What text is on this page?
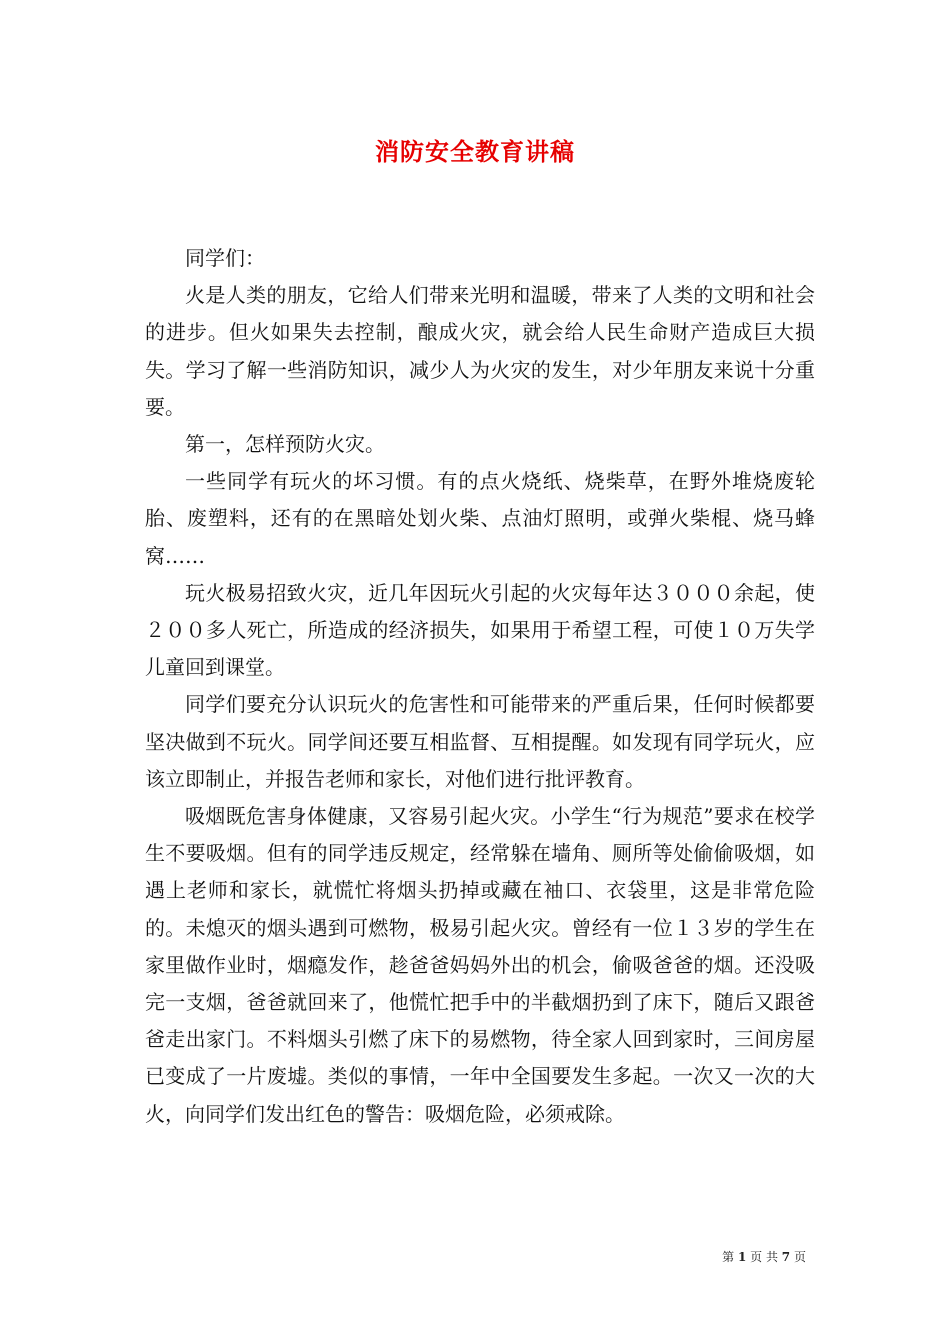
消防安全教育讲稿

同学们：

火是人类的朋友，它给人们带来光明和温暖，带来了人类的文明和社会的进步。但火如果失去控制，酿成火灾，就会给人民生命财产造成巨大损失。学习了解一些消防知识，减少人为火灾的发生，对少年朋友来说十分重要。

第一，怎样预防火灾。

一些同学有玩火的坏习惯。有的点火烧纸、烧柴草，在野外堆烧废轮胎、废塑料，还有的在黑暗处划火柴、点油灯照明，或弹火柴棍、烧马蜂窝……

玩火极易招致火灾，近几年因玩火引起的火灾每年达３０００余起，使２００多人死亡，所造成的经济损失，如果用于希望工程，可使１０万失学儿童回到课堂。

同学们要充分认识玩火的危害性和可能带来的严重后果，任何时候都要坚决做到不玩火。同学间还要互相监督、互相提醒。如发现有同学玩火，应该立即制止，并报告老师和家长，对他们进行批评教育。

吸烟既危害身体健康，又容易引起火灾。小学生“行为规范”要求在校学生不要吸烟。但有的同学违反规定，经常躲在墙角、厕所等处偷偷吸烟，如遇上老师和家长，就慌忙将烟头扔掉或藏在袖口、衣袋里，这是非常危险的。未熄灭的烟头遇到可燃物，极易引起火灾。曾经有一位１３岁的学生在家里做作业时，烟瘾发作，趁爸爸妈妈外出的机会，偷吸爸爸的烟。还没吸完一支烟，爸爸就回来了，他慌忙把手中的半截烟扔到了床下，随后又跟爸爸走出家门。不料烟头引燃了床下的易燃物，待全家人回到家时，三间房屋已变成了一片废墟。类似的事情，一年中全国要发生多起。一次又一次的大火，向同学们发出红色的警告：吸烟危险，必须戒除。

第 1 页 共 7 页
